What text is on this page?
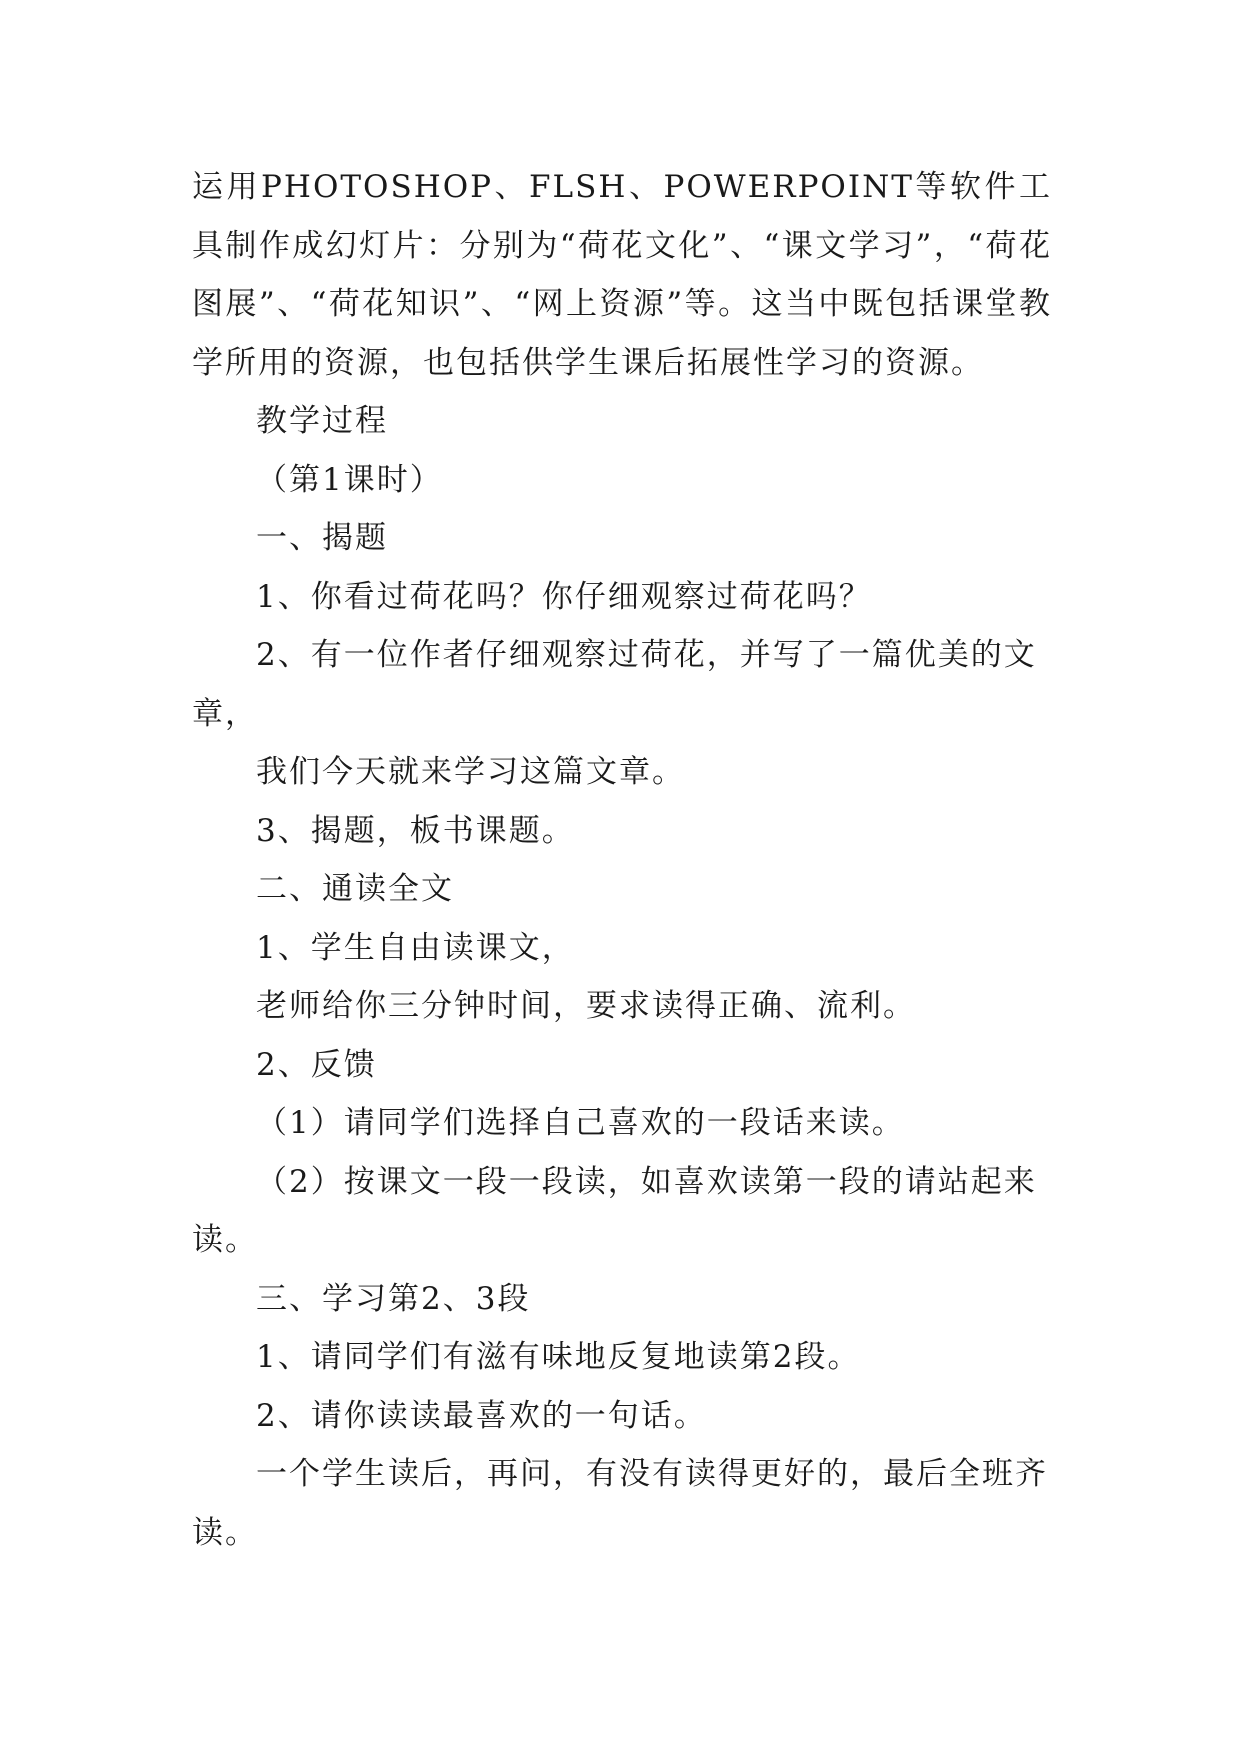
运用PHOTOSHOP、FLSH、POWERPOINT等软件工具制作成幻灯片：分别为“荷花文化”、“课文学习”，“荷花图展”、“荷花知识”、“网上资源”等。这当中既包括课堂教学所用的资源，也包括供学生课后拓展性学习的资源。

教学过程

（第1课时）

一、揭题

1、你看过荷花吗？你仔细观察过荷花吗？

2、有一位作者仔细观察过荷花，并写了一篇优美的文章，

我们今天就来学习这篇文章。

3、揭题，板书课题。

二、通读全文

1、学生自由读课文，

老师给你三分钟时间，要求读得正确、流利。

2、反馈

（1）请同学们选择自己喜欢的一段话来读。

（2）按课文一段一段读，如喜欢读第一段的请站起来读。

三、学习第2、3段

1、请同学们有滋有味地反复地读第2段。

2、请你读读最喜欢的一句话。

一个学生读后，再问，有没有读得更好的，最后全班齐读。
